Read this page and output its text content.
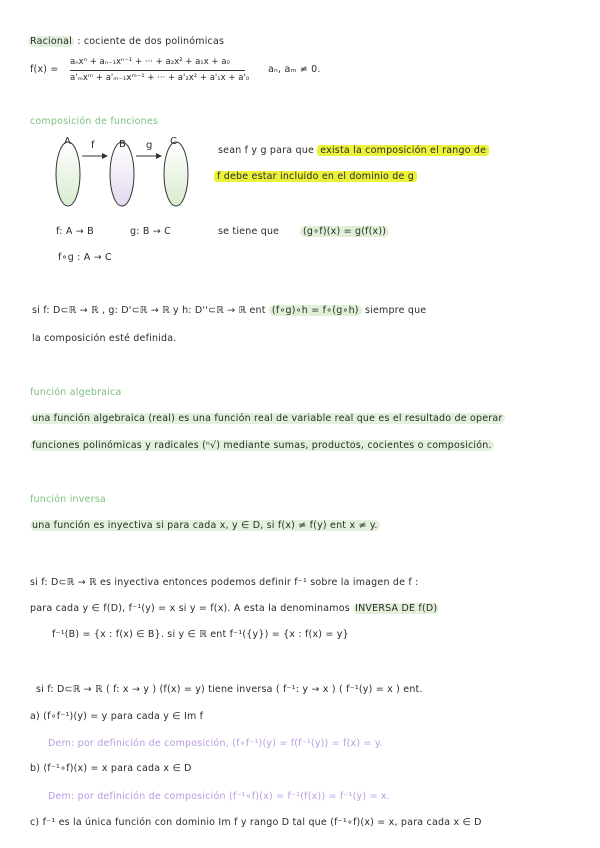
Racional : cociente de dos polinómicas
f(x) =
aₙxⁿ + aₙ₋₁xⁿ⁻¹ + ··· + a₂x² + a₁x + a₀
a'ₘxᵐ + a'ₘ₋₁xᵐ⁻¹ + ··· + a'₂x² + a'₁x + a'₀
aₙ, aₘ ≠ 0.
composición de funciones
A f B g C
sean f y g para que exista la composición el rango de
f debe estar incluido en el dominio de g
f: A → B	g: B → C	se tiene que	(g∘f)(x) = g(f(x))
f∘g : A → C
si f: D⊂ℝ → ℝ , g: D'⊂ℝ → ℝ y h: D''⊂ℝ → ℝ ent (f∘g)∘h = f∘(g∘h) siempre que
la composición esté definida.
función algebraica
una función algebraica (real) es una función real de variable real que es el resultado de operar
funciones polinómicas y radicales (ⁿ√) mediante sumas, productos, cocientes o composición.
función inversa
una función es inyectiva si para cada x, y ∈ D, si f(x) ≠ f(y) ent x ≠ y.
si f: D⊂ℝ → ℝ es inyectiva entonces podemos definir f⁻¹ sobre la imagen de f :
para cada y ∈ f(D), f⁻¹(y) = x si y = f(x). A esta la denominamos INVERSA DE f(D)
f⁻¹(B) = {x : f(x) ∈ B}. si y ∈ ℝ ent f⁻¹({y}) = {x : f(x) = y}
si f: D⊂ℝ → ℝ ( f: x → y ) (f(x) = y) tiene inversa ( f⁻¹: y → x ) ( f⁻¹(y) = x ) ent.
a) (f∘f⁻¹)(y) = y para cada y ∈ Im f
Dem: por definición de composición, (f∘f⁻¹)(y) = f(f⁻¹(y)) = f(x) = y.
b) (f⁻¹∘f)(x) = x para cada x ∈ D
Dem: por definición de composición (f⁻¹∘f)(x) = f⁻¹(f(x)) = f⁻¹(y) = x.
c) f⁻¹ es la única función con dominio Im f y rango D tal que (f⁻¹∘f)(x) = x, para cada x ∈ D
